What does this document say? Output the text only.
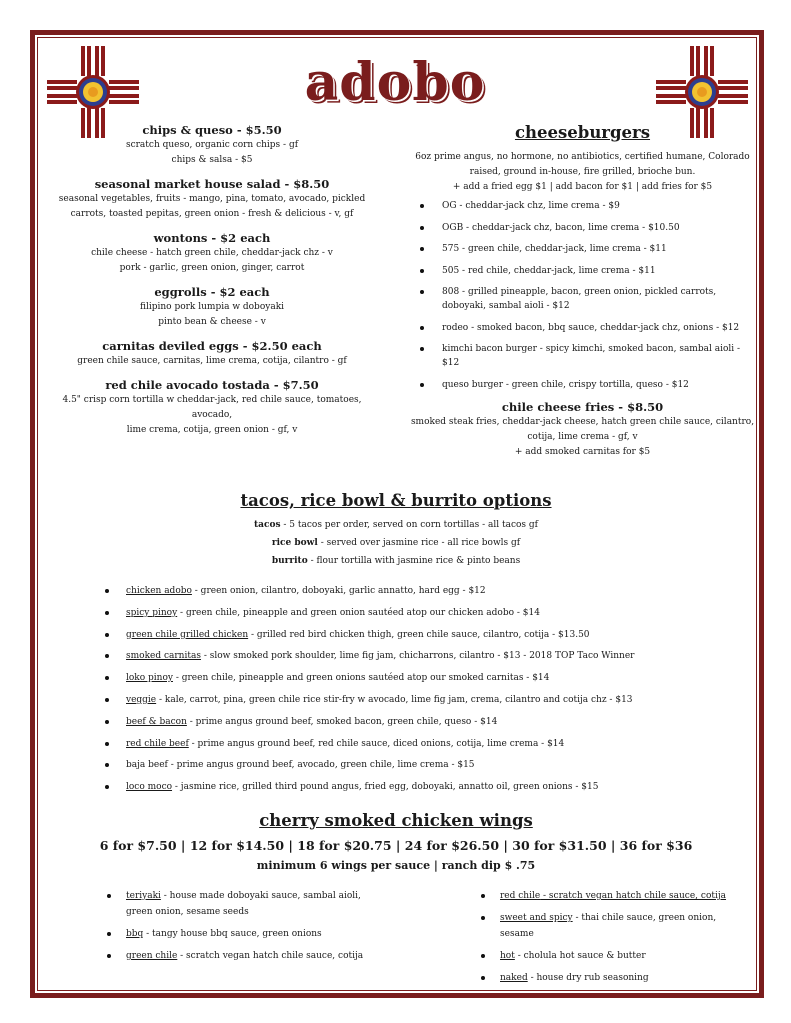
adobo
chips & queso - $5.50
scratch queso, organic corn chips - gf
chips & salsa - $5
seasonal market house salad - $8.50
seasonal vegetables, fruits - mango, pina, tomato, avocado, pickled
carrots, toasted pepitas, green onion - fresh & delicious - v, gf
wontons - $2 each
chile cheese - hatch green chile, cheddar-jack chz - v
pork - garlic, green onion, ginger, carrot
eggrolls - $2 each
filipino pork lumpia w doboyaki
pinto bean & cheese - v
carnitas deviled eggs - $2.50 each
green chile sauce, carnitas, lime crema, cotija, cilantro - gf
red chile avocado tostada - $7.50
4.5" crisp corn tortilla w cheddar-jack, red chile sauce, tomatoes, avocado,
lime crema, cotija, green onion - gf, v
cheeseburgers
6oz prime angus, no hormone, no antibiotics, certified humane, Colorado
raised, ground in-house, fire grilled, brioche bun.
+ add a fried egg $1 | add bacon for $1 | add fries for $5
OG - cheddar-jack chz, lime crema - $9
OGB - cheddar-jack chz, bacon, lime crema - $10.50
575 - green chile, cheddar-jack, lime crema - $11
505 - red chile, cheddar-jack, lime crema - $11
808 - grilled pineapple, bacon, green onion, pickled carrots,
doboyaki, sambal aioli - $12
rodeo - smoked bacon, bbq sauce, cheddar-jack chz, onions - $12
kimchi bacon burger - spicy kimchi, smoked bacon, sambal aioli - $12
queso burger - green chile, crispy tortilla, queso - $12
chile cheese fries - $8.50
smoked steak fries, cheddar-jack cheese, hatch green chile sauce, cilantro,
cotija, lime crema - gf, v
+ add smoked carnitas for $5
tacos, rice bowl & burrito options
tacos - 5 tacos per order, served on corn tortillas - all tacos gf
rice bowl - served over jasmine rice - all rice bowls gf
burrito - flour tortilla with jasmine rice & pinto beans
chicken adobo - green onion, cilantro, doboyaki, garlic annatto, hard egg - $12
spicy pinoy - green chile, pineapple and green onion sautéed atop our chicken adobo - $14
green chile grilled chicken - grilled red bird chicken thigh, green chile sauce, cilantro, cotija - $13.50
smoked carnitas - slow smoked pork shoulder, lime fig jam, chicharrons, cilantro - $13 - 2018 TOP Taco Winner
loko pinoy - green chile, pineapple and green onions sautéed atop our smoked carnitas - $14
veggie - kale, carrot, pina, green chile rice stir-fry w avocado, lime fig jam, crema, cilantro and cotija chz - $13
beef & bacon - prime angus ground beef, smoked bacon, green chile, queso - $14
red chile beef - prime angus ground beef, red chile sauce, diced onions, cotija, lime crema - $14
baja beef - prime angus ground beef, avocado, green chile, lime crema - $15
loco moco - jasmine rice, grilled third pound angus, fried egg, doboyaki, annatto oil, green onions - $15
cherry smoked chicken wings
6 for $7.50 | 12 for $14.50 | 18 for $20.75 | 24 for $26.50 | 30 for $31.50 | 36 for $36
minimum 6 wings per sauce | ranch dip $ .75
teriyaki - house made doboyaki sauce, sambal aioli,
green onion, sesame seeds
bbq - tangy house bbq sauce, green onions
green chile - scratch vegan hatch chile sauce, cotija
red chile - scratch vegan hatch chile sauce, cotija
sweet and spicy - thai chile sauce, green onion, sesame
hot - cholula hot sauce & butter
naked - house dry rub seasoning
